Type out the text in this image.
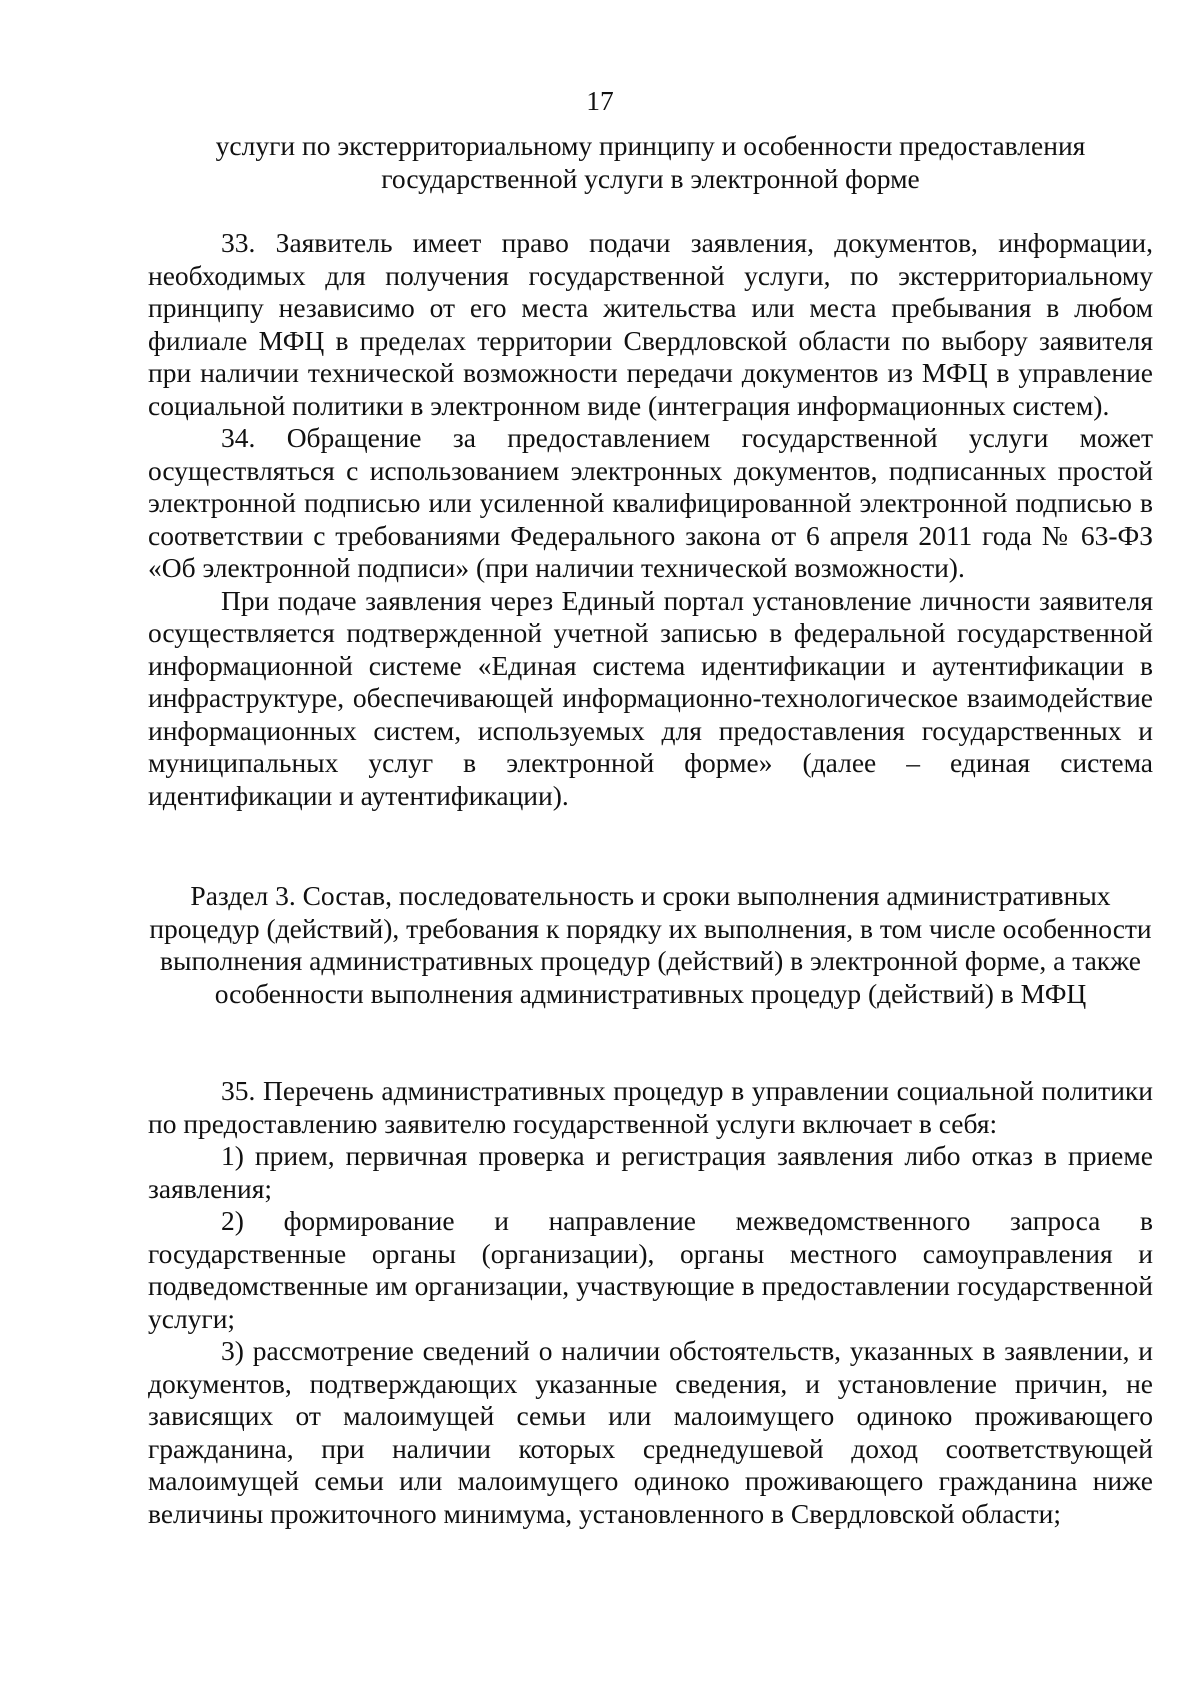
17

услуги по экстерриториальному принципу и особенности предоставления государственной услуги в электронной форме

33. Заявитель имеет право подачи заявления, документов, информации, необходимых для получения государственной услуги, по экстерриториальному принципу независимо от его места жительства или места пребывания в любом филиале МФЦ в пределах территории Свердловской области по выбору заявителя при наличии технической возможности передачи документов из МФЦ в управление социальной политики в электронном виде (интеграция информационных систем).

34. Обращение за предоставлением государственной услуги может осуществляться с использованием электронных документов, подписанных простой электронной подписью или усиленной квалифицированной электронной подписью в соответствии с требованиями Федерального закона от 6 апреля 2011 года № 63-ФЗ «Об электронной подписи» (при наличии технической возможности).

При подаче заявления через Единый портал установление личности заявителя осуществляется подтвержденной учетной записью в федеральной государственной информационной системе «Единая система идентификации и аутентификации в инфраструктуре, обеспечивающей информационно-технологическое взаимодействие информационных систем, используемых для предоставления государственных и муниципальных услуг в электронной форме» (далее – единая система идентификации и аутентификации).

Раздел 3. Состав, последовательность и сроки выполнения административных процедур (действий), требования к порядку их выполнения, в том числе особенности выполнения административных процедур (действий) в электронной форме, а также особенности выполнения административных процедур (действий) в МФЦ

35. Перечень административных процедур в управлении социальной политики по предоставлению заявителю государственной услуги включает в себя:

1) прием, первичная проверка и регистрация заявления либо отказ в приеме заявления;

2) формирование и направление межведомственного запроса в государственные органы (организации), органы местного самоуправления и подведомственные им организации, участвующие в предоставлении государственной услуги;

3) рассмотрение сведений о наличии обстоятельств, указанных в заявлении, и документов, подтверждающих указанные сведения, и установление причин, не зависящих от малоимущей семьи или малоимущего одиноко проживающего гражданина, при наличии которых среднедушевой доход соответствующей малоимущей семьи или малоимущего одиноко проживающего гражданина ниже величины прожиточного минимума, установленного в Свердловской области;
